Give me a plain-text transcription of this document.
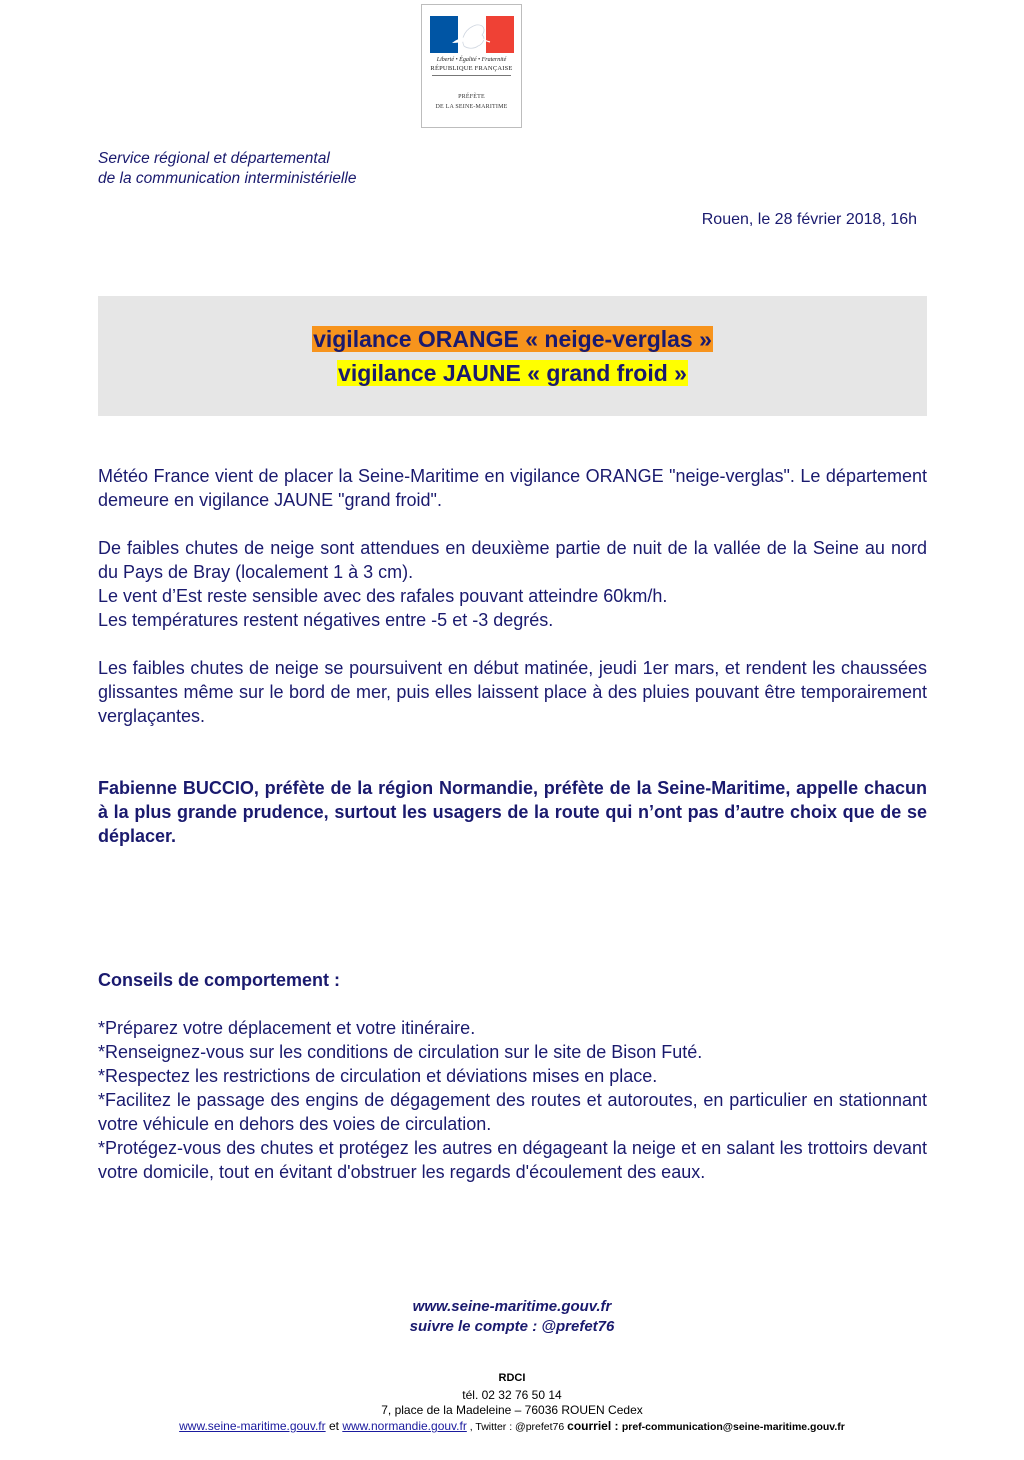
Liberté • Égalité • Fraternité
RÉPUBLIQUE FRANÇAISE
PRÉFÈTE
DE LA SEINE-MARITIME
Service régional et départemental
de la communication interministérielle
Rouen, le 28 février 2018, 16h
vigilance ORANGE « neige-verglas »
vigilance JAUNE « grand froid »

Météo France vient de placer la Seine-Maritime en vigilance ORANGE "neige-verglas". Le département demeure en vigilance JAUNE "grand froid".

De faibles chutes de neige sont attendues en deuxième partie de nuit de la vallée de la Seine au nord du Pays de Bray (localement 1 à 3 cm).

Le vent d’Est reste sensible avec des rafales pouvant atteindre 60km/h.

Les températures restent négatives entre -5 et -3 degrés.

Les faibles chutes de neige se poursuivent en début matinée, jeudi 1er mars, et rendent les chaussées glissantes même sur le bord de mer, puis elles laissent place à des pluies pouvant être temporairement verglaçantes.

Fabienne BUCCIO, préfète de la région Normandie, préfète de la Seine-Maritime, appelle chacun à la plus grande prudence, surtout les usagers de la route qui n’ont pas d’autre choix que de se déplacer.

Conseils de comportement :

*Préparez votre déplacement et votre itinéraire.

*Renseignez-vous sur les conditions de circulation sur le site de Bison Futé.

*Respectez les restrictions de circulation et déviations mises en place.

*Facilitez le passage des engins de dégagement des routes et autoroutes, en particulier en stationnant votre véhicule en dehors des voies de circulation.

*Protégez-vous des chutes et protégez les autres en dégageant la neige et en salant les trottoirs devant votre domicile, tout en évitant d'obstruer les regards d'écoulement des eaux.

www.seine-maritime.gouv.fr
suivre le compte : @prefet76
RDCI
tél. 02 32 76 50 14
7, place de la Madeleine – 76036 ROUEN Cedex
www.seine-maritime.gouv.fr et www.normandie.gouv.fr , Twitter : @prefet76 courriel : pref-communication@seine-maritime.gouv.fr
